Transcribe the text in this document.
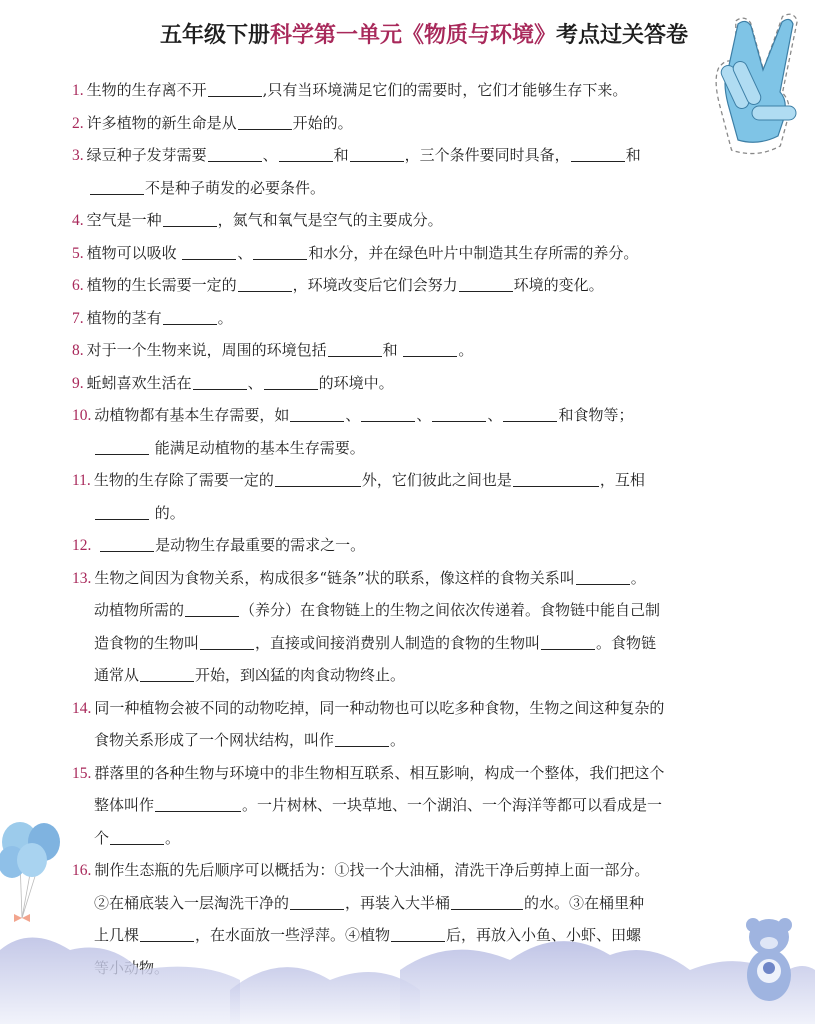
五年级下册科学第一单元《物质与环境》考点过关答卷
1. 生物的生存离不开	,只有当环境满足它们的需要时，它们才能够生存下来。
2. 许多植物的新生命是从	开始的。
3. 绿豆种子发芽需要	、	和	，三个条件要同时具备，	和
不是种子萌发的必要条件。
4. 空气是一种	，氮气和氧气是空气的主要成分。
5. 植物可以吸收	、	和水分，并在绿色叶片中制造其生存所需的养分。
6. 植物的生长需要一定的	，环境改变后它们会努力	环境的变化。
7. 植物的茎有	。
8. 对于一个生物来说，周围的环境包括	和	。
9. 蚯蚓喜欢生活在	、	的环境中。
10. 动植物都有基本生存需要，如	、	、	、	和食物等；
能满足动植物的基本生存需要。
11. 生物的生存除了需要一定的	外，它们彼此之间也是	，互相
的。
12.	是动物生存最重要的需求之一。
13. 生物之间因为食物关系，构成很多“链条”状的联系，像这样的食物关系叫	。
动植物所需的	（养分）在食物链上的生物之间依次传递着。食物链中能自己制
造食物的生物叫	，直接或间接消费别人制造的食物的生物叫	。食物链
通常从	开始，到凶猛的肉食动物终止。
14. 同一种植物会被不同的动物吃掉，同一种动物也可以吃多种食物，生物之间这种复杂的
食物关系形成了一个网状结构，叫作	。
15. 群落里的各种生物与环境中的非生物相互联系、相互影响，构成一个整体，我们把这个
整体叫作	。一片树林、一块草地、一个湖泊、一个海洋等都可以看成是一
个	。
16. 制作生态瓶的先后顺序可以概括为：①找一个大油桶，清洗干净后剪掉上面一部分。
②在桶底装入一层淘洗干净的	，再装入大半桶	的水。③在桶里种
上几棵	，在水面放一些浮萍。④植物	后，再放入小鱼、小虾、田螺
